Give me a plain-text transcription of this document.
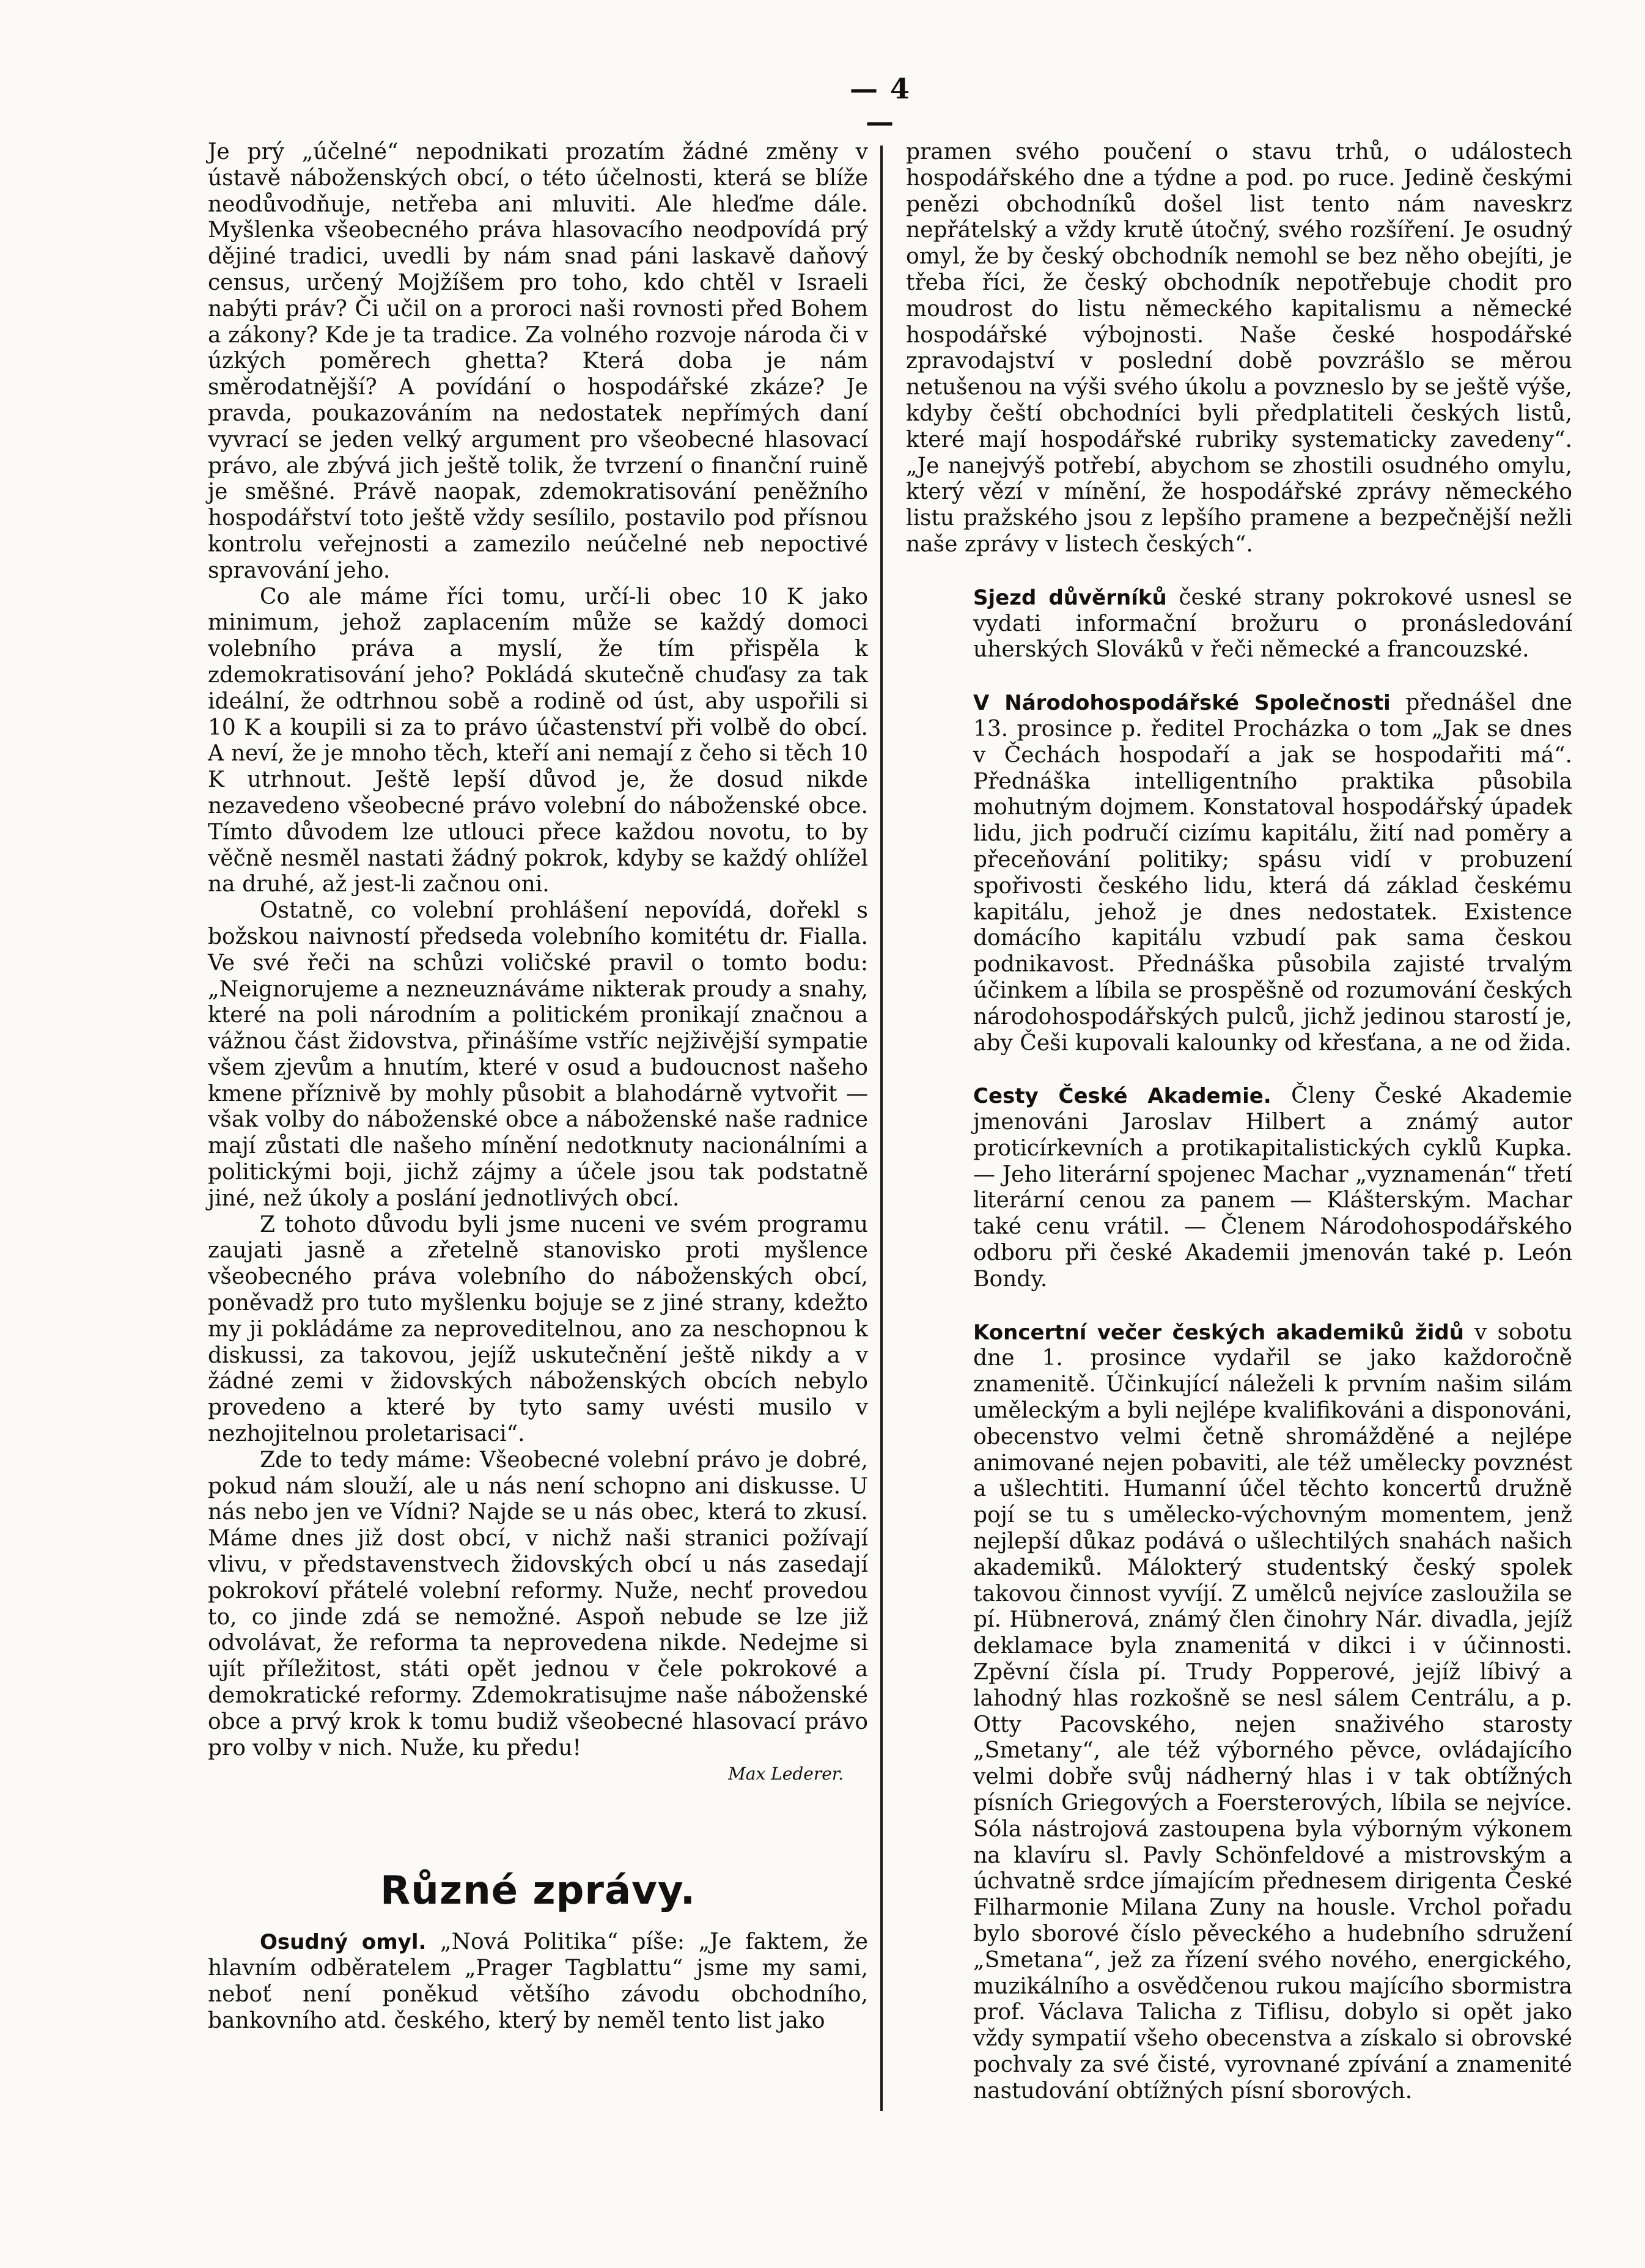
— 4 —

Je prý „účelné“ nepodnikati prozatím žádné změny v ústavě náboženských obcí, o této účelnosti, která se blíže neodůvodňuje, netřeba ani mluviti. Ale hleďme dále. Myšlenka všeobecného práva hlasovacího neodpovídá prý dějiné tradici, uvedli by nám snad páni laskavě daňový census, určený Mojžíšem pro toho, kdo chtěl v Israeli nabýti práv? Či učil on a proroci naši rovnosti před Bohem a zákony? Kde je ta tradice. Za volného rozvoje národa či v úzkých poměrech ghetta? Která doba je nám směrodatnější? A povídání o hospodářské zkáze? Je pravda, poukazováním na nedostatek nepřímých daní vyvrací se jeden velký argument pro všeobecné hlasovací právo, ale zbývá jich ještě tolik, že tvrzení o finanční ruině je směšné. Právě naopak, zdemokratisování peněžního hospodářství toto ještě vždy sesílilo, postavilo pod přísnou kontrolu veřejnosti a zamezilo neúčelné neb nepoctivé spravování jeho.

Co ale máme říci tomu, určí-li obec 10 K jako minimum, jehož zaplacením může se každý domoci volebního práva a myslí, že tím přispěla k zdemokratisování jeho? Pokládá skutečně chuďasy za tak ideální, že odtrhnou sobě a rodině od úst, aby uspořili si 10 K a koupili si za to právo účastenství při volbě do obcí. A neví, že je mnoho těch, kteří ani nemají z čeho si těch 10 K utrhnout. Ještě lepší důvod je, že dosud nikde nezavedeno všeobecné právo volební do náboženské obce. Tímto důvodem lze utlouci přece každou novotu, to by věčně nesměl nastati žádný pokrok, kdyby se každý ohlížel na druhé, až jest-li začnou oni.

Ostatně, co volební prohlášení nepovídá, dořekl s božskou naivností předseda volebního komitétu dr. Fialla. Ve své řeči na schůzi voličské pravil o tomto bodu: „Neignorujeme a nezneuznáváme nikterak proudy a snahy, které na poli národním a politickém pronikají značnou a vážnou část židovstva, přinášíme vstříc nejživější sympatie všem zjevům a hnutím, které v osud a budoucnost našeho kmene příznivě by mohly působit a blahodárně vytvořit — však volby do náboženské obce a náboženské naše radnice mají zůstati dle našeho mínění nedotknuty nacionálními a politickými boji, jichž zájmy a účele jsou tak podstatně jiné, než úkoly a poslání jednotlivých obcí.

Z tohoto důvodu byli jsme nuceni ve svém programu zaujati jasně a zřetelně stanovisko proti myšlence všeobecného práva volebního do náboženských obcí, poněvadž pro tuto myšlenku bojuje se z jiné strany, kdežto my ji pokládáme za neproveditelnou, ano za neschopnou k diskussi, za takovou, jejíž uskutečnění ještě nikdy a v žádné zemi v židovských náboženských obcích nebylo provedeno a které by tyto samy uvésti musilo v nezhojitelnou proletarisaci“.

Zde to tedy máme: Všeobecné volební právo je dobré, pokud nám slouží, ale u nás není schopno ani diskusse. U nás nebo jen ve Vídni? Najde se u nás obec, která to zkusí. Máme dnes již dost obcí, v nichž naši stranici požívají vlivu, v představenstvech židovských obcí u nás zasedají pokrokoví přátelé volební reformy. Nuže, nechť provedou to, co jinde zdá se nemožné. Aspoň nebude se lze již odvolávat, že reforma ta neprovedena nikde. Nedejme si ujít příležitost, státi opět jednou v čele pokrokové a demokratické reformy. Zdemokratisujme naše náboženské obce a prvý krok k tomu budiž všeobecné hlasovací právo pro volby v nich. Nuže, ku předu!

Max Lederer.

Různé zprávy.

Osudný omyl. „Nová Politika“ píše: „Je faktem, že hlavním odběratelem „Prager Tagblattu“ jsme my sami, neboť není poněkud většího závodu obchodního, bankovního atd. českého, který by neměl tento list jako

pramen svého poučení o stavu trhů, o událostech hospodářského dne a týdne a pod. po ruce. Jedině českými penězi obchodníků došel list tento nám naveskrz nepřátelský a vždy krutě útočný, svého rozšíření. Je osudný omyl, že by český obchodník nemohl se bez něho obejíti, je třeba říci, že český obchodník nepotřebuje chodit pro moudrost do listu německého kapitalismu a německé hospodářské výbojnosti. Naše české hospodářské zpravodajství v poslední době povzrášlo se měrou netušenou na výši svého úkolu a povzneslo by se ještě výše, kdyby čeští obchodníci byli předplatiteli českých listů, které mají hospodářské rubriky systematicky zavedeny“. „Je nanejvýš potřebí, abychom se zhostili osudného omylu, který vězí v mínění, že hospodářské zprávy německého listu pražského jsou z lepšího pramene a bezpečnější nežli naše zprávy v listech českých“.

Sjezd důvěrníků české strany pokrokové usnesl se vydati informační brožuru o pronásledování uherských Slováků v řeči německé a francouzské.

V Národohospodářské Společnosti přednášel dne 13. prosince p. ředitel Procházka o tom „Jak se dnes v Čechách hospodaří a jak se hospodařiti má“. Přednáška intelligentního praktika působila mohutným dojmem. Konstatoval hospodářský úpadek lidu, jich područí cizímu kapitálu, žití nad poměry a přeceňování politiky; spásu vidí v probuzení spořivosti českého lidu, která dá základ českému kapitálu, jehož je dnes nedostatek. Existence domácího kapitálu vzbudí pak sama českou podnikavost. Přednáška působila zajisté trvalým účinkem a líbila se prospěšně od rozumování českých národohospodářských pulců, jichž jedinou starostí je, aby Češi kupovali kalounky od křesťana, a ne od žida.

Cesty České Akademie. Členy České Akademie jmenováni Jaroslav Hilbert a známý autor proticírkevních a protikapitalistických cyklů Kupka. — Jeho literární spojenec Machar „vyznamenán“ třetí literární cenou za panem — Klášterským. Machar také cenu vrátil. — Členem Národohospodářského odboru při české Akademii jmenován také p. León Bondy.

Koncertní večer českých akademiků židů v sobotu dne 1. prosince vydařil se jako každoročně znamenitě. Účinkující náleželi k prvním našim silám uměleckým a byli nejlépe kvalifikováni a disponováni, obecenstvo velmi četně shromážděné a nejlépe animované nejen pobaviti, ale též umělecky povznést a ušlechtiti. Humanní účel těchto koncertů družně pojí se tu s umělecko-výchovným momentem, jenž nejlepší důkaz podává o ušlechtilých snahách našich akademiků. Málokterý studentský český spolek takovou činnost vyvíjí. Z umělců nejvíce zasloužila se pí. Hübnerová, známý člen činohry Nár. divadla, jejíž deklamace byla znamenitá v dikci i v účinnosti. Zpěvní čísla pí. Trudy Popperové, jejíž líbivý a lahodný hlas rozkošně se nesl sálem Centrálu, a p. Otty Pacovského, nejen snaživého starosty „Smetany“, ale též výborného pěvce, ovládajícího velmi dobře svůj nádherný hlas i v tak obtížných písních Griegových a Foersterových, líbila se nejvíce. Sóla nástrojová zastoupena byla výborným výkonem na klavíru sl. Pavly Schönfeldové a mistrovským a úchvatně srdce jímajícím přednesem dirigenta České Filharmonie Milana Zuny na housle. Vrchol pořadu bylo sborové číslo pěveckého a hudebního sdružení „Smetana“, jež za řízení svého nového, energického, muzikálního a osvědčenou rukou majícího sbormistra prof. Václava Talicha z Tiflisu, dobylo si opět jako vždy sympatií všeho obecenstva a získalo si obrovské pochvaly za své čisté, vyrovnané zpívání a znamenité nastudování obtížných písní sborových.
